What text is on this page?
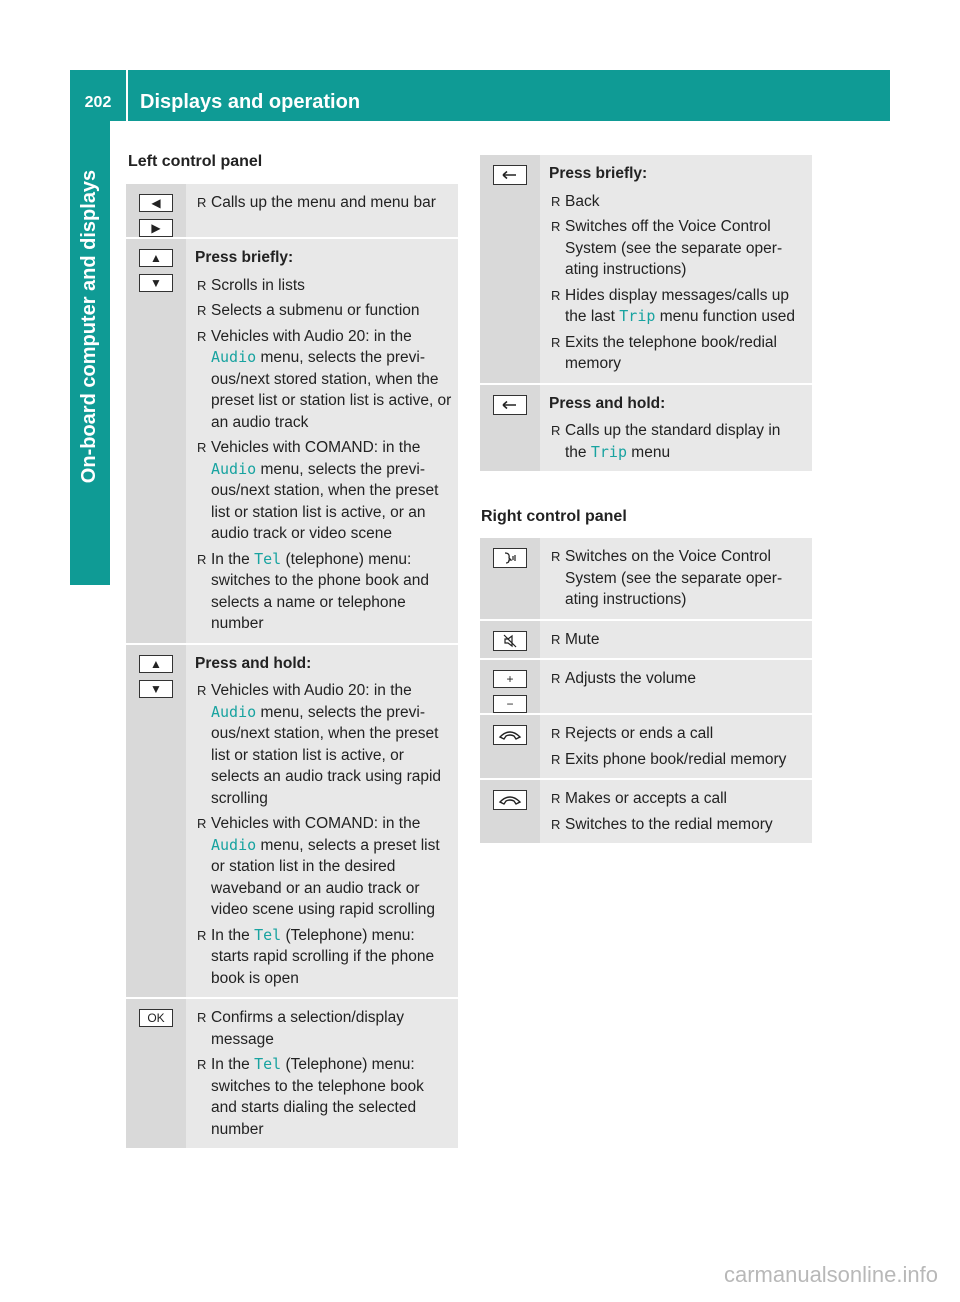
202	Displays and operation
On-board computer and displays
Left control panel
◀
▶
R Calls up the menu and menu bar
▲
▼
Press briefly:
R Scrolls in lists
R Selects a submenu or function
R Vehicles with Audio 20: in the Audio menu, selects the previous/next stored station, when the preset list or station list is active, or an audio track
R Vehicles with COMAND: in the Audio menu, selects the previous/next station, when the preset list or station list is active, or an audio track or video scene
R In the Tel (telephone) menu: switches to the phone book and selects a name or telephone number
▲
▼
Press and hold:
R Vehicles with Audio 20: in the Audio menu, selects the previous/next station, when the preset list or station list is active, or selects an audio track using rapid scrolling
R Vehicles with COMAND: in the Audio menu, selects a preset list or station list in the desired waveband or an audio track or video scene using rapid scrolling
R In the Tel (Telephone) menu: starts rapid scrolling if the phone book is open
OK
R	Confirms a selection/display message
R In the Tel (Telephone) menu: switches to the telephone book and starts dialing the selected number
Press briefly:
R Back
R Switches off the Voice Control System (see the separate operating instructions)
R Hides display messages/calls up the last Trip menu function used
R Exits the telephone book/redial memory
Press and hold:
R Calls up the standard display in the Trip menu
Right control panel
R Switches on the Voice Control System (see the separate operating instructions)
R Mute
+
−
R Adjusts the volume
R Rejects or ends a call
R Exits phone book/redial memory
R Makes or accepts a call
R Switches to the redial memory
carmanualsonline.info
